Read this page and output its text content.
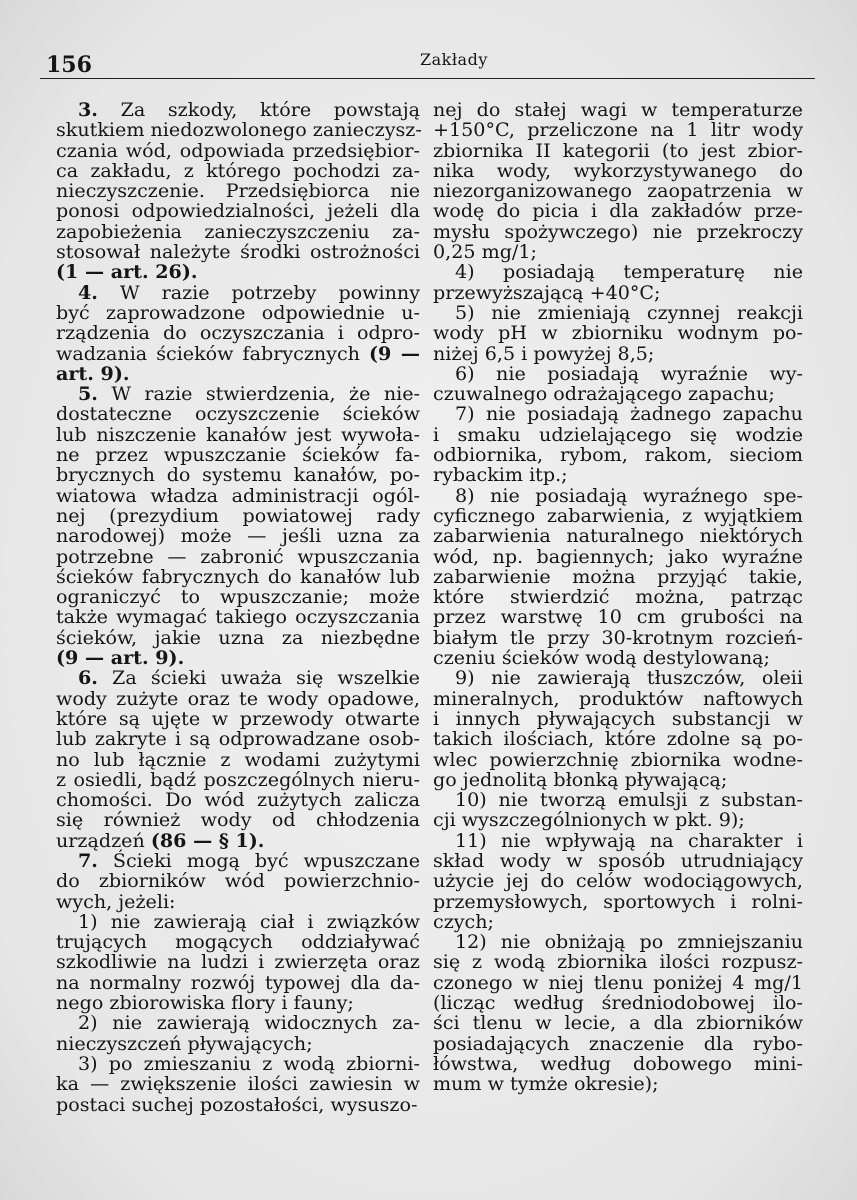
156	Zakłady
3. Za szkody, które powstają
skutkiem niedozwolonego zanieczysz-
czania wód, odpowiada przedsiębior-
ca zakładu, z którego pochodzi za-
nieczyszczenie. Przedsiębiorca nie
ponosi odpowiedzialności, jeżeli dla
zapobieżenia zanieczyszczeniu za-
stosował należyte środki ostrożności
(1 — art. 26).
4. W razie potrzeby powinny
być zaprowadzone odpowiednie u-
rządzenia do oczyszczania i odpro-
wadzania ścieków fabrycznych (9 —
art. 9).
5. W razie stwierdzenia, że nie-
dostateczne oczyszczenie ścieków
lub niszczenie kanałów jest wywoła-
ne przez wpuszczanie ścieków fa-
brycznych do systemu kanałów, po-
wiatowa władza administracji ogól-
nej (prezydium powiatowej rady
narodowej) może — jeśli uzna za
potrzebne — zabronić wpuszczania
ścieków fabrycznych do kanałów lub
ograniczyć to wpuszczanie; może
także wymagać takiego oczyszczania
ścieków, jakie uzna za niezbędne
(9 — art. 9).
6. Za ścieki uważa się wszelkie
wody zużyte oraz te wody opadowe,
które są ujęte w przewody otwarte
lub zakryte i są odprowadzane osob-
no lub łącznie z wodami zużytymi
z osiedli, bądź poszczególnych nieru-
chomości. Do wód zużytych zalicza
się również wody od chłodzenia
urządzeń (86 — § 1).
7. Ścieki mogą być wpuszczane
do zbiorników wód powierzchnio-
wych, jeżeli:
1) nie zawierają ciał i związków
trujących mogących oddziaływać
szkodliwie na ludzi i zwierzęta oraz
na normalny rozwój typowej dla da-
nego zbiorowiska flory i fauny;
2) nie zawierają widocznych za-
nieczyszczeń pływających;
3) po zmieszaniu z wodą zbiorni-
ka — zwiększenie ilości zawiesin w
postaci suchej pozostałości, wysuszo-
nej do stałej wagi w temperaturze
+150°C, przeliczone na 1 litr wody
zbiornika II kategorii (to jest zbior-
nika wody, wykorzystywanego do
niezorganizowanego zaopatrzenia w
wodę do picia i dla zakładów prze-
mysłu spożywczego) nie przekroczy
0,25 mg/1;
4) posiadają temperaturę nie
przewyższającą +40°C;
5) nie zmieniają czynnej reakcji
wody pH w zbiorniku wodnym po-
niżej 6,5 i powyżej 8,5;
6) nie posiadają wyraźnie wy-
czuwalnego odrażającego zapachu;
7) nie posiadają żadnego zapachu
i smaku udzielającego się wodzie
odbiornika, rybom, rakom, sieciom
rybackim itp.;
8) nie posiadają wyraźnego spe-
cyficznego zabarwienia, z wyjątkiem
zabarwienia naturalnego niektórych
wód, np. bagiennych; jako wyraźne
zabarwienie można przyjąć takie,
które stwierdzić można, patrząc
przez warstwę 10 cm grubości na
białym tle przy 30-krotnym rozcień-
czeniu ścieków wodą destylowaną;
9) nie zawierają tłuszczów, oleii
mineralnych, produktów naftowych
i innych pływających substancji w
takich ilościach, które zdolne są po-
wlec powierzchnię zbiornika wodne-
go jednolitą błonką pływającą;
10) nie tworzą emulsji z substan-
cji wyszczególnionych w pkt. 9);
11) nie wpływają na charakter i
skład wody w sposób utrudniający
użycie jej do celów wodociągowych,
przemysłowych, sportowych i rolni-
czych;
12) nie obniżają po zmniejszaniu
się z wodą zbiornika ilości rozpusz-
czonego w niej tlenu poniżej 4 mg/1
(licząc według średniodobowej ilo-
ści tlenu w lecie, a dla zbiorników
posiadających znaczenie dla rybo-
łówstwa, według dobowego mini-
mum w tymże okresie);
